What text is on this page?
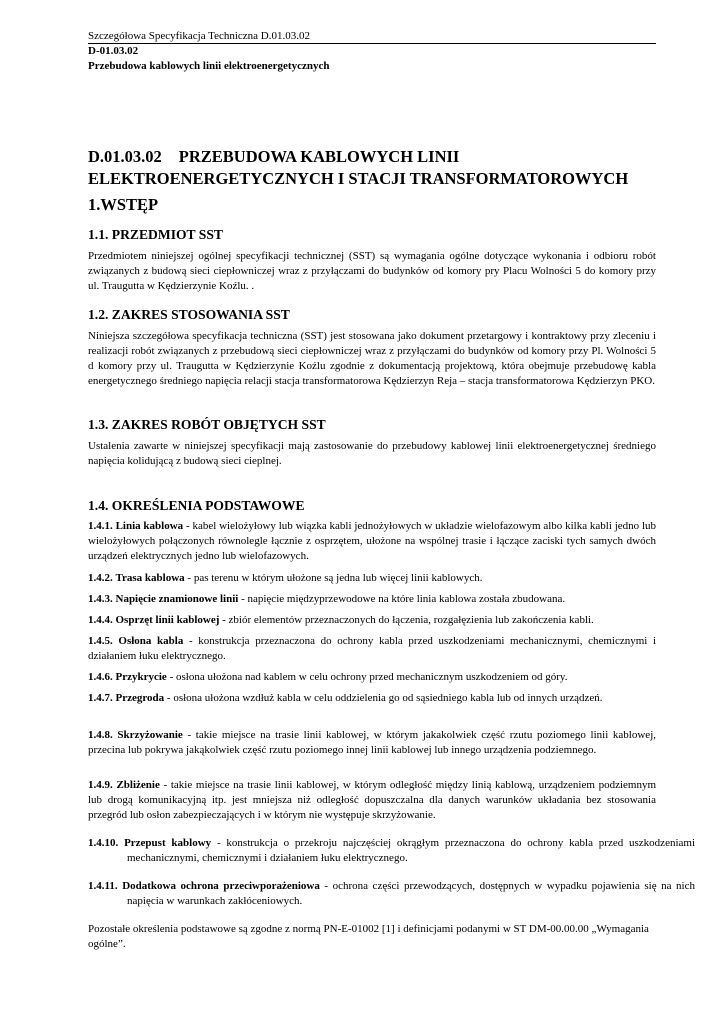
Szczegółowa Specyfikacja Techniczna D.01.03.02
D-01.03.02
Przebudowa kablowych linii elektroenergetycznych
D.01.03.02 PRZEBUDOWA KABLOWYCH LINII
ELEKTROENERGETYCZNYCH I STACJI TRANSFORMATOROWYCH
1.WSTĘP
1.1. PRZEDMIOT SST
Przedmiotem niniejszej ogólnej specyfikacji technicznej (SST) są wymagania ogólne dotyczące wykonania i odbioru robót związanych z budową sieci ciepłowniczej wraz z przyłączami do budynków od komory pry Placu Wolności 5 do komory przy ul. Traugutta w Kędzierzynie Koźlu. .
1.2. ZAKRES STOSOWANIA SST
Niniejsza szczegółowa specyfikacja techniczna (SST) jest stosowana jako dokument przetargowy i kontraktowy przy zleceniu i realizacji robót związanych z przebudową sieci ciepłowniczej wraz z przyłączami do budynków od komory przy Pl. Wolności 5 d komory przy ul. Traugutta w Kędzierzynie Koźlu zgodnie z dokumentacją projektową, która obejmuje przebudowę kabla energetycznego średniego napięcia relacji stacja transformatorowa Kędzierzyn Reja – stacja transformatorowa Kędzierzyn PKO.
1.3. ZAKRES ROBÓT OBJĘTYCH SST
Ustalenia zawarte w niniejszej specyfikacji mają zastosowanie do przebudowy kablowej linii elektroenergetycznej średniego napięcia kolidującą z budową sieci cieplnej.
1.4. OKREŚLENIA PODSTAWOWE
1.4.1. Linia kablowa - kabel wielożyłowy lub wiązka kabli jednożyłowych w układzie wielofazowym albo kilka kabli jedno lub wielożyłowych połączonych równolegle łącznie z osprzętem, ułożone na wspólnej trasie i łączące zaciski tych samych dwóch urządzeń elektrycznych jedno lub wielofazowych.
1.4.2. Trasa kablowa - pas terenu w którym ułożone są jedna lub więcej linii kablowych.
1.4.3. Napięcie znamionowe linii - napięcie międzyprzewodowe na które linia kablowa została zbudowana.
1.4.4. Osprzęt linii kablowej - zbiór elementów przeznaczonych do łączenia, rozgałęzienia lub zakończenia kabli.
1.4.5. Osłona kabla - konstrukcja przeznaczona do ochrony kabla przed uszkodzeniami mechanicznymi, chemicznymi i działaniem łuku elektrycznego.
1.4.6. Przykrycie - osłona ułożona nad kablem w celu ochrony przed mechanicznym uszkodzeniem od góry.
1.4.7. Przegroda - osłona ułożona wzdłuż kabla w celu oddzielenia go od sąsiedniego kabla lub od innych urządzeń.
1.4.8. Skrzyżowanie - takie miejsce na trasie linii kablowej, w którym jakakolwiek część rzutu poziomego linii kablowej, przecina lub pokrywa jakąkolwiek część rzutu poziomego innej linii kablowej lub innego urządzenia podziemnego.
1.4.9. Zbliżenie - takie miejsce na trasie linii kablowej, w którym odległość między linią kablową, urządzeniem podziemnym lub drogą komunikacyjną itp. jest mniejsza niż odległość dopuszczalna dla danych warunków układania bez stosowania przegród lub osłon zabezpieczających i w którym nie występuje skrzyżowanie.
1.4.10. Przepust kablowy - konstrukcja o przekroju najczęściej okrągłym przeznaczona do ochrony kabla przed uszkodzeniami mechanicznymi, chemicznymi i działaniem łuku elektrycznego.
1.4.11. Dodatkowa ochrona przeciwporażeniowa - ochrona części przewodzących, dostępnych w wypadku pojawienia się na nich napięcia w warunkach zakłóceniowych.
Pozostałe określenia podstawowe są zgodne z normą PN-E-01002 [1] i definicjami podanymi w ST DM-00.00.00 „Wymagania ogólne”.
